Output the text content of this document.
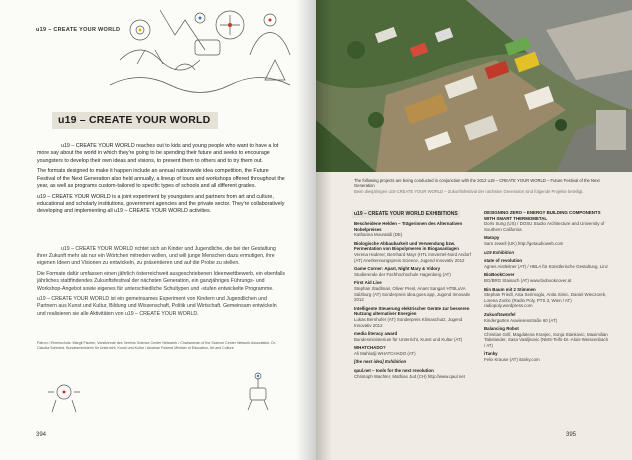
u19 – CREATE YOUR WORLD
u19 – CREATE YOUR WORLD

u19 – CREATE YOUR WORLD reaches out to kids and young people who want to have a lot more say about the world in which they're going to be spending their future and seeks to encourage youngsters to develop their own ideas and visions, to present them to others and to try them out.

The formats designed to make it happen include an annual nationwide idea competition, the Future Festival of the Next Generation also held annually, a lineup of tours and workshops offered throughout the year, as well as programs custom-tailored to specific types of schools and all different grades.

u19 – CREATE YOUR WORLD is a joint experiment by youngsters and partners from art and culture, educational and scholarly institutions, government agencies and the private sector. They're collaboratively developing and implementing all u19 – CREATE YOUR WORLD activities.

u19 – CREATE YOUR WORLD richtet sich an Kinder und Jugendliche, die bei der Gestaltung ihrer Zukunft mehr als nur ein Wörtchen mitreden wollen, und will junge Menschen dazu ermutigen, ihre eigenen Ideen und Visionen zu entwickeln, zu präsentieren und auf die Probe zu stellen.

Die Formate dafür umfassen einen jährlich österreichweit ausgeschriebenen Ideenwettbewerb, ein ebenfalls jährliches stattfindendes Zukunftsfestival der nächsten Generation, ein ganzjähriges Führungs- und Workshop-Angebot sowie eigenes für unterschiedliche Schultypen und -stufen entwickelte Programme.

u19 – CREATE YOUR WORLD ist ein gemeinsames Experiment von Kindern und Jugendlichen und Partnern aus Kunst und Kultur, Bildung und Wissenschaft, Politik und Wirtschaft. Gemeinsam entwickeln und realisieren sie alle Aktivitäten von u19 – CREATE YOUR WORLD.

Patron / Ehrenschutz: Margit Fischer, Vorsitzende des Vereins Science Center Netzwerk / Chairwoman of the Science Center Network Association, Dr. Claudia Schmied, Bundesministerin für Unterricht, Kunst und Kultur / Austrian Federal Minister of Education, Art and Culture
394
The following projects are being conducted in conjunction with the 2012 u19 – CREATE YOUR WORLD – Future Festival of the Next Generation
Beim diesjährigen u19 CREATE YOUR WORLD – Zukunftsfestival der nächsten Generation sind folgende Projekte beteiligt.
u19 – CREATE YOUR WORLD EXHIBITIONS
Bescheidene Helden – Trägerinnen des Alternativen Nobelpreises
Katharina Mouratidi (DE)
Biologische Abbaubarkeit und Verwendung bzw. Fermentation von Biopolymeren in Biogasanlagen
Verena Haderer, Bernhard Mayr (HTL Innviertel-Nord Andorf (AT) Anerkennungspreis Science, Jugend Innovativ 2012
Game Corner: Apart, Night Mary & Vidory
Studierende der Fachhochschule Hagenberg (AT)
First Aid Live
Stephan Stadlmair, Oliver Presl, Anant Sangar/ HTBLuVA Salzburg (AT) Sonderpreis idea.goes.app, Jugend Innovativ 2012
Intelligente Steuerung elektrischer Geräte zur besseren Nutzung alternativer Energien
Lukas Bernhofer (AT) Sonderpreis Klimaschutz, Jugend Innovativ 2012
media literacy award
Bundesministerium für Unterricht, Kunst und Kultur (AT)
WHATCHADO?
Ali Mahlodji WHATCHADO (AT)
[the next idea] Exhibition
qaul.net – tools for the next revolution
Christoph Wachter, Mathias Jud (CH) http://www.qaul.net
DESIGNING ZERO – ENERGY BUILDING COMPONENTS WITH SMART THERMOMETAL
Doris Sung (US) / DOSU Studio Architecture and University of Southern California
Matopy
Sam Jewell (UK) http://getaudioweb.com
u19 Exhibition
state of revolution
Agnes Aistleitner (AT) / HBLA für Künstlerische Gestaltung, Linz
BioBookCover
BG/BRG Stainach (AT) www.biobookcover.at
Bin Baum mit 2 Stimmen
Stephan Friedl, Aisa Serimoglu, Anita Simic, Daniel Wieczorek, Lorena Zorkic (Radio Poly, PTS 3, Wien / AT) radiopoly.wordpress.com
Zukunftswürfel
Kindergarten Auwiesenstraße 60 (AT)
Balancing Robot
Christian Grill, Magdalena Kranjec, Sonja Stankovic, Maximilian Tabelander, Sasa Vasiljkovic (NMS-Teifs-Dr.-Alois-Weissenbach / AT)
iTanky
Felix Krause (AT) itanky.com
395
